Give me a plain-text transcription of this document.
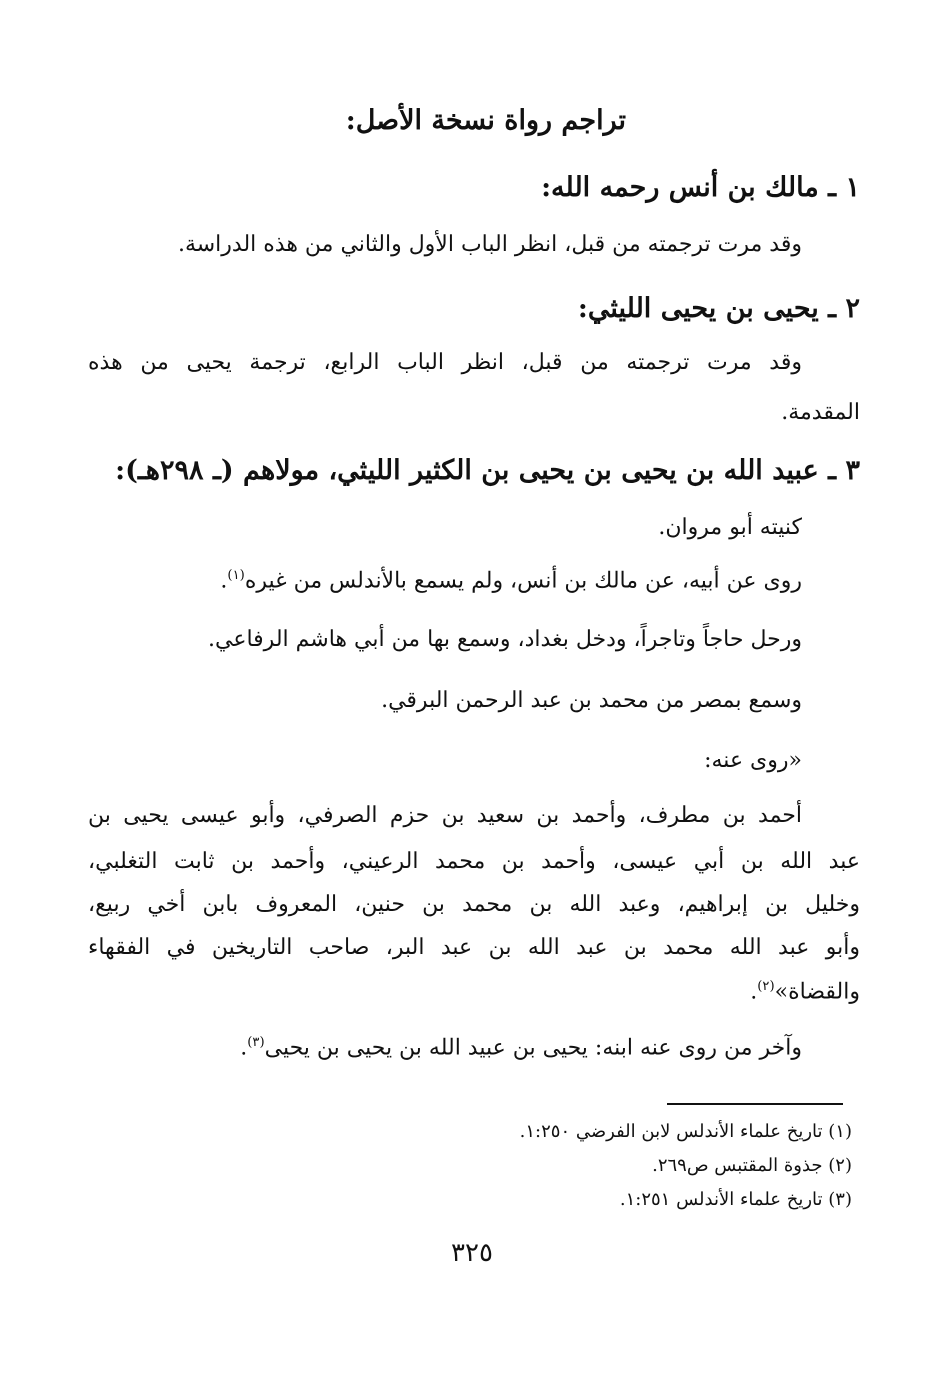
تراجم رواة نسخة الأصل:
١ ـ مالك بن أنس رحمه الله:
وقد مرت ترجمته من قبل، انظر الباب الأول والثاني من هذه الدراسة.
٢ ـ يحيى بن يحيى الليثي:
وقد مرت ترجمته من قبل، انظر الباب الرابع، ترجمة يحيى من هذه
المقدمة.
٣ ـ عبيد الله بن يحيى بن يحيى بن الكثير الليثي، مولاهم (ـ ٢٩٨هـ):
كنيته أبو مروان.
روى عن أبيه، عن مالك بن أنس، ولم يسمع بالأندلس من غيره$^{(١)}$.
ورحل حاجاً وتاجراً، ودخل بغداد، وسمع بها من أبي هاشم الرفاعي.
وسمع بمصر من محمد بن عبد الرحمن البرقي.
«روى عنه:
أحمد بن مطرف، وأحمد بن سعيد بن حزم الصرفي، وأبو عيسى يحيى بن
عبد الله بن أبي عيسى، وأحمد بن محمد الرعيني، وأحمد بن ثابت التغلبي،
وخليل بن إبراهيم، وعبد الله بن محمد بن حنين، المعروف بابن أخي ربيع،
وأبو عبد الله محمد بن عبد الله بن عبد البر، صاحب التاريخين في الفقهاء
والقضاة»$^{(٢)}$.
وآخر من روى عنه ابنه: يحيى بن عبيد الله بن يحيى بن يحيى$^{(٣)}$.
(١) تاريخ علماء الأندلس لابن الفرضي ١:٢٥٠.
(٢) جذوة المقتبس ص٢٦٩.
(٣) تاريخ علماء الأندلس ١:٢٥١.
٣٢٥
